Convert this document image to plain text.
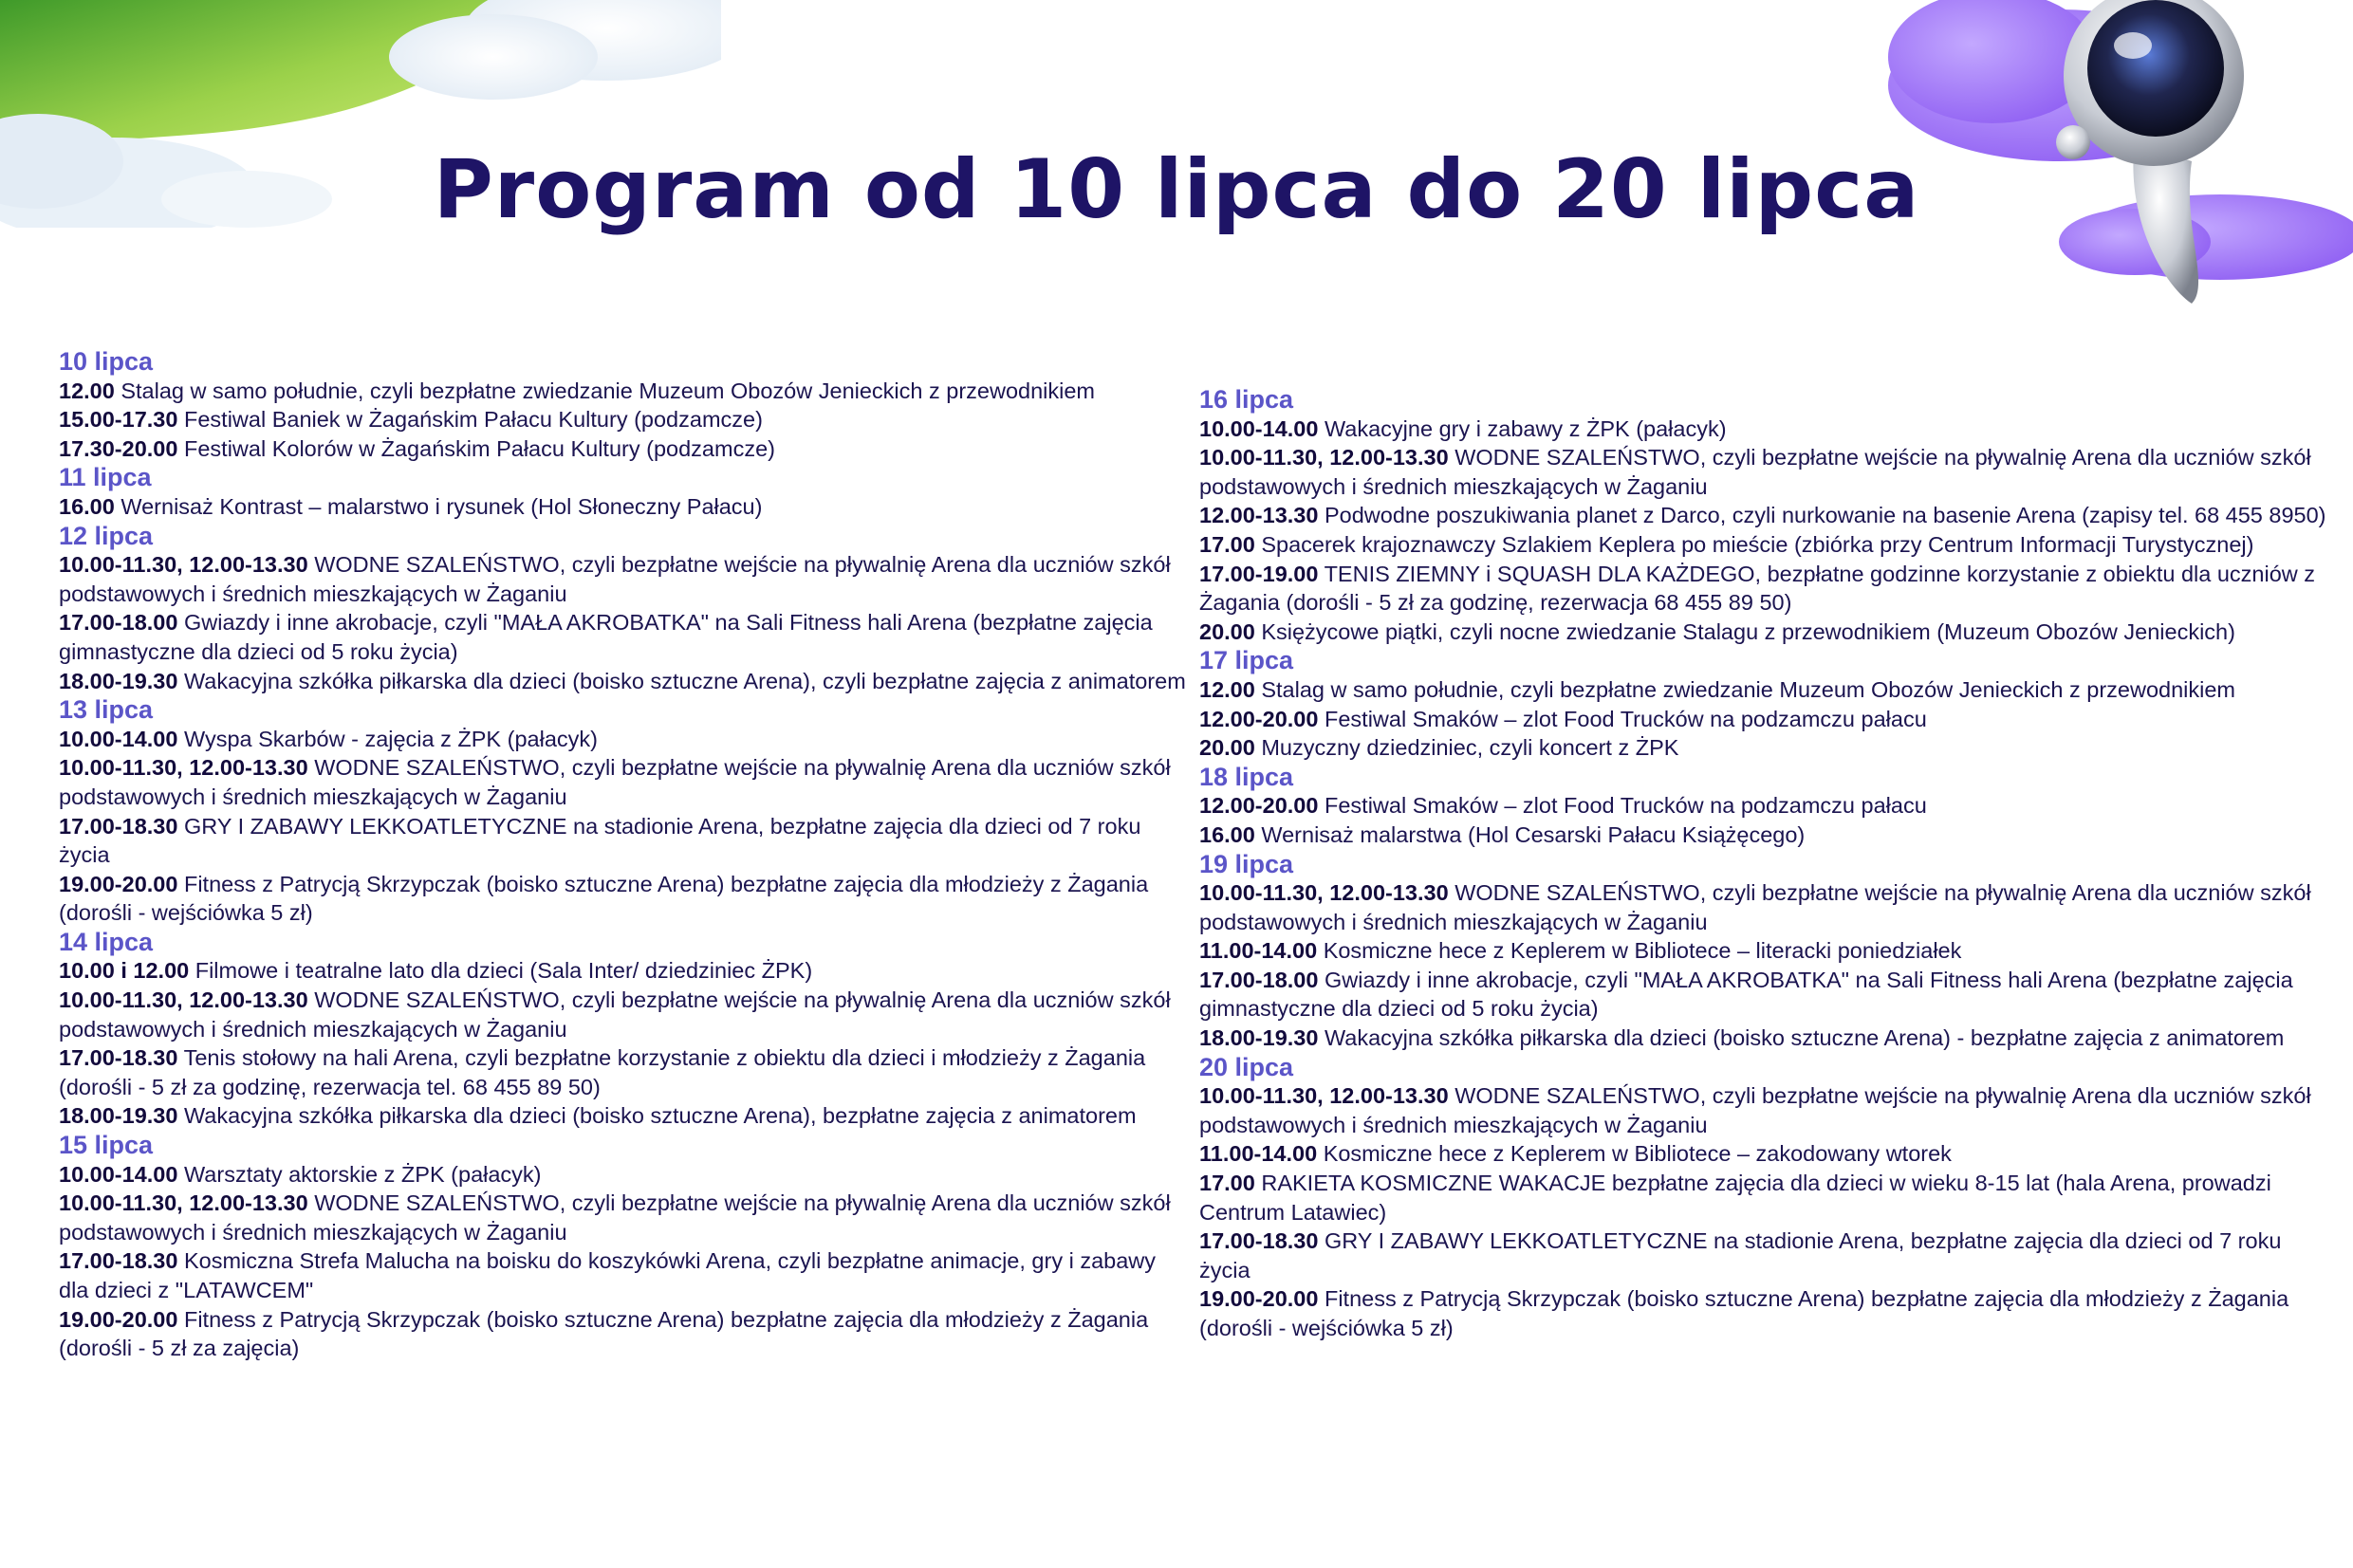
Program od 10 lipca do 20 lipca
10 lipca

12.00 Stalag w samo południe, czyli bezpłatne zwiedzanie Muzeum Obozów Jenieckich z przewodnikiem

15.00-17.30 Festiwal Baniek w Żagańskim Pałacu Kultury (podzamcze)

17.30-20.00 Festiwal Kolorów w Żagańskim Pałacu Kultury (podzamcze)

11 lipca

16.00 Wernisaż Kontrast – malarstwo i rysunek (Hol Słoneczny Pałacu)

12 lipca

10.00-11.30, 12.00-13.30 WODNE SZALEŃSTWO, czyli bezpłatne wejście na pływalnię Arena dla uczniów szkół podstawowych i średnich mieszkających w Żaganiu

17.00-18.00 Gwiazdy i inne akrobacje, czyli "MAŁA AKROBATKA" na Sali Fitness hali Arena (bezpłatne zajęcia gimnastyczne dla dzieci od 5 roku życia)

18.00-19.30 Wakacyjna szkółka piłkarska dla dzieci (boisko sztuczne Arena), czyli bezpłatne zajęcia z animatorem

13 lipca

10.00-14.00 Wyspa Skarbów - zajęcia z ŻPK (pałacyk)

10.00-11.30, 12.00-13.30 WODNE SZALEŃSTWO, czyli bezpłatne wejście na pływalnię Arena dla uczniów szkół podstawowych i średnich mieszkających w Żaganiu

17.00-18.30 GRY I ZABAWY LEKKOATLETYCZNE na stadionie Arena, bezpłatne zajęcia dla dzieci od 7 roku życia

19.00-20.00 Fitness z Patrycją Skrzypczak (boisko sztuczne Arena) bezpłatne zajęcia dla młodzieży z Żagania (dorośli - wejściówka 5 zł)

14 lipca

10.00 i 12.00 Filmowe i teatralne lato dla dzieci (Sala Inter/ dziedziniec ŻPK)

10.00-11.30, 12.00-13.30 WODNE SZALEŃSTWO, czyli bezpłatne wejście na pływalnię Arena dla uczniów szkół podstawowych i średnich mieszkających w Żaganiu

17.00-18.30 Tenis stołowy na hali Arena, czyli bezpłatne korzystanie z obiektu dla dzieci i młodzieży z Żagania (dorośli - 5 zł za godzinę, rezerwacja tel. 68 455 89 50)

18.00-19.30 Wakacyjna szkółka piłkarska dla dzieci (boisko sztuczne Arena), bezpłatne zajęcia z animatorem

15 lipca

10.00-14.00 Warsztaty aktorskie z ŻPK (pałacyk)

10.00-11.30, 12.00-13.30 WODNE SZALEŃSTWO, czyli bezpłatne wejście na pływalnię Arena dla uczniów szkół podstawowych i średnich mieszkających w Żaganiu

17.00-18.30 Kosmiczna Strefa Malucha na boisku do koszykówki Arena, czyli bezpłatne animacje, gry i zabawy dla dzieci z "LATAWCEM"

19.00-20.00 Fitness z Patrycją Skrzypczak (boisko sztuczne Arena) bezpłatne zajęcia dla młodzieży z Żagania (dorośli - 5 zł za zajęcia)

16 lipca

10.00-14.00 Wakacyjne gry i zabawy z ŻPK (pałacyk)

10.00-11.30, 12.00-13.30 WODNE SZALEŃSTWO, czyli bezpłatne wejście na pływalnię Arena dla uczniów szkół podstawowych i średnich mieszkających w Żaganiu

12.00-13.30 Podwodne poszukiwania planet z Darco, czyli nurkowanie na basenie Arena (zapisy tel. 68 455 8950)

17.00 Spacerek krajoznawczy Szlakiem Keplera po mieście (zbiórka przy Centrum Informacji Turystycznej)

17.00-19.00 TENIS ZIEMNY i SQUASH DLA KAŻDEGO, bezpłatne godzinne korzystanie z obiektu dla uczniów z Żagania (dorośli - 5 zł za godzinę, rezerwacja 68 455 89 50)

20.00 Księżycowe piątki, czyli nocne zwiedzanie Stalagu z przewodnikiem (Muzeum Obozów Jenieckich)

17 lipca

12.00 Stalag w samo południe, czyli bezpłatne zwiedzanie Muzeum Obozów Jenieckich z przewodnikiem

12.00-20.00 Festiwal Smaków – zlot Food Trucków na podzamczu pałacu

20.00 Muzyczny dziedziniec, czyli koncert z ŻPK

18 lipca

12.00-20.00 Festiwal Smaków – zlot Food Trucków na podzamczu pałacu

16.00 Wernisaż malarstwa (Hol Cesarski Pałacu Książęcego)

19 lipca

10.00-11.30, 12.00-13.30 WODNE SZALEŃSTWO, czyli bezpłatne wejście na pływalnię Arena dla uczniów szkół podstawowych i średnich mieszkających w Żaganiu

11.00-14.00 Kosmiczne hece z Keplerem w Bibliotece – literacki poniedziałek

17.00-18.00 Gwiazdy i inne akrobacje, czyli "MAŁA AKROBATKA" na Sali Fitness hali Arena (bezpłatne zajęcia gimnastyczne dla dzieci od 5 roku życia)

18.00-19.30 Wakacyjna szkółka piłkarska dla dzieci (boisko sztuczne Arena) - bezpłatne zajęcia z animatorem

20 lipca

10.00-11.30, 12.00-13.30 WODNE SZALEŃSTWO, czyli bezpłatne wejście na pływalnię Arena dla uczniów szkół podstawowych i średnich mieszkających w Żaganiu

11.00-14.00 Kosmiczne hece z Keplerem w Bibliotece – zakodowany wtorek

17.00 RAKIETA KOSMICZNE WAKACJE bezpłatne zajęcia dla dzieci w wieku 8-15 lat (hala Arena, prowadzi Centrum Latawiec)

17.00-18.30 GRY I ZABAWY LEKKOATLETYCZNE na stadionie Arena, bezpłatne zajęcia dla dzieci od 7 roku życia

19.00-20.00 Fitness z Patrycją Skrzypczak (boisko sztuczne Arena) bezpłatne zajęcia dla młodzieży z Żagania (dorośli - wejściówka 5 zł)
